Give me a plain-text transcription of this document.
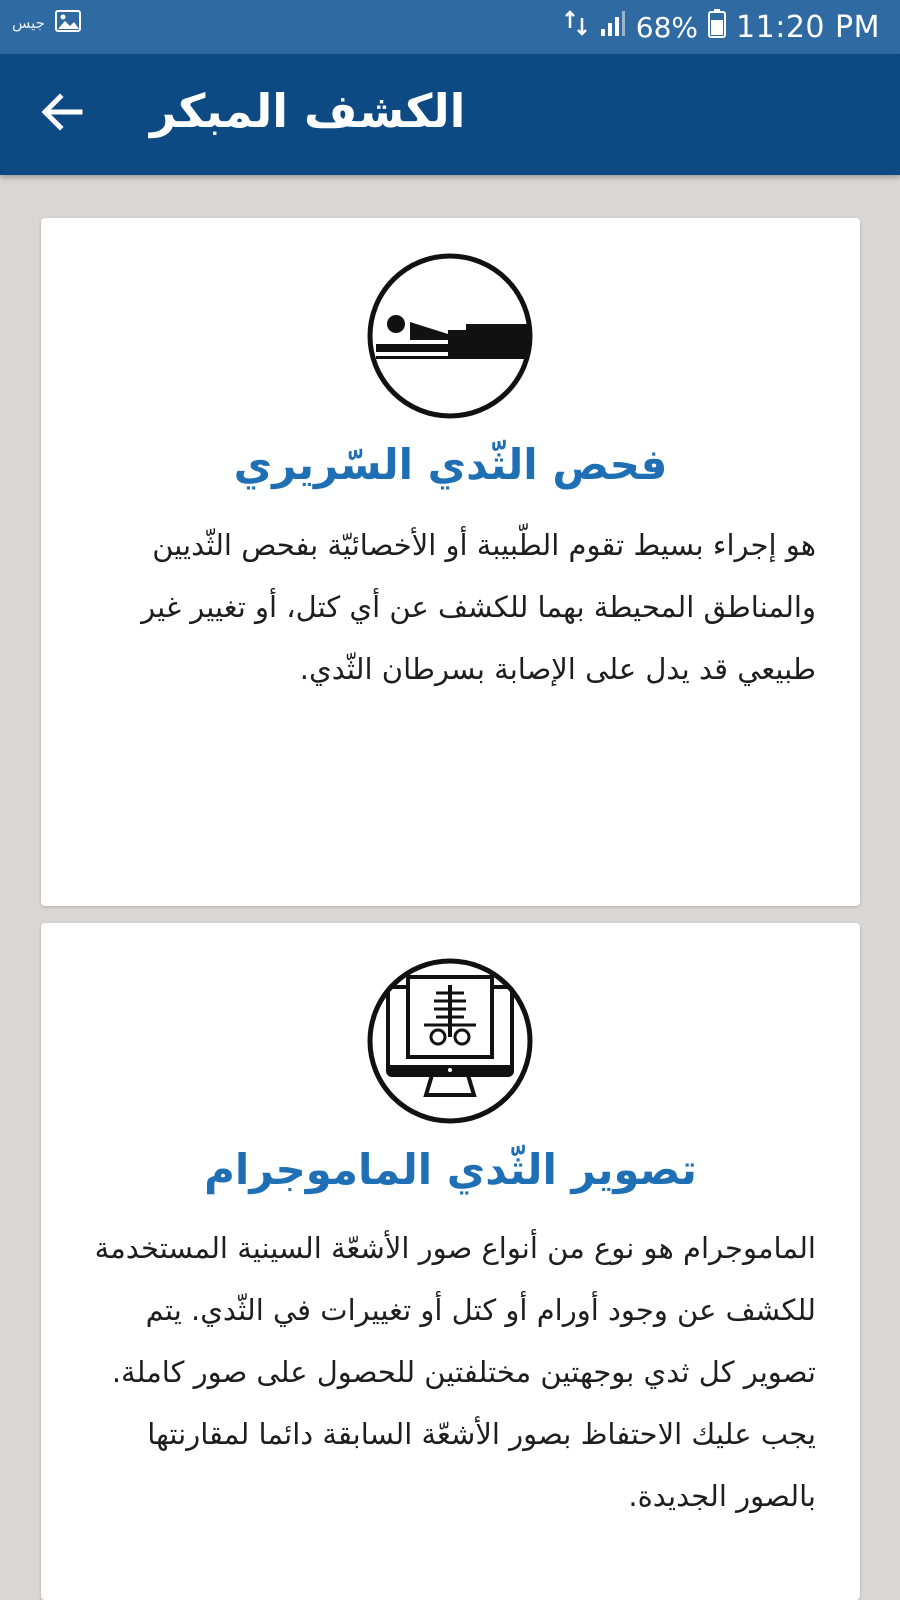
جيس	68% 11:20 PM
الكشف المبكر
فحص الثّدي السّريري
هو إجراء بسيط تقوم الطّبيبة أو الأخصائيّة بفحص الثّديين والمناطق المحيطة بهما للكشف عن أي كتل، أو تغيير غير طبيعي قد يدل على الإصابة بسرطان الثّدي.
تصوير الثّدي الماموجرام
الماموجرام هو نوع من أنواع صور الأشعّة السينية المستخدمة للكشف عن وجود أورام أو كتل أو تغييرات في الثّدي. يتم تصوير كل ثدي بوجهتين مختلفتين للحصول على صور كاملة. يجب عليك الاحتفاظ بصور الأشعّة السابقة دائما لمقارنتها بالصور الجديدة.
